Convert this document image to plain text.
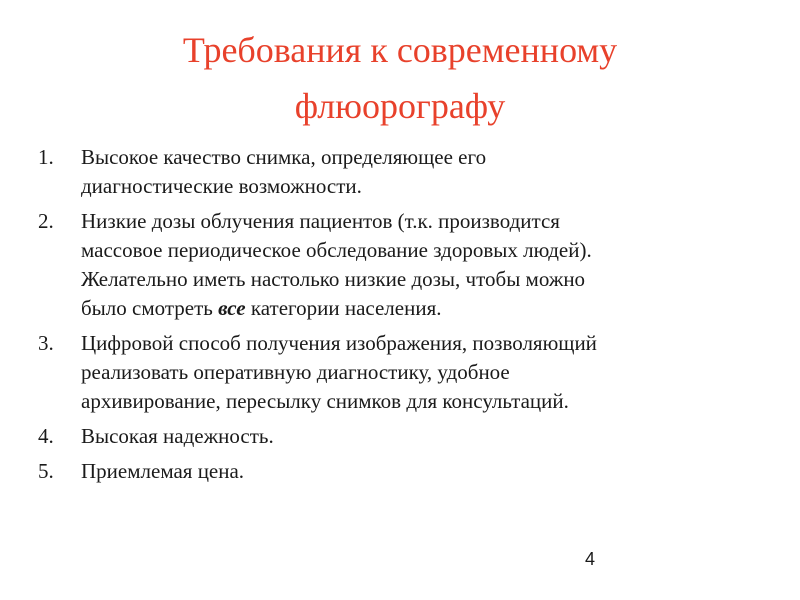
Требования к современному
флюорографу
1. Высокое качество снимка, определяющее его
диагностические возможности.
2. Низкие дозы облучения пациентов (т.к. производится
массовое периодическое обследование здоровых людей).
Желательно иметь настолько низкие дозы, чтобы можно
было смотреть все категории населения.
3. Цифровой способ получения изображения, позволяющий
реализовать оперативную диагностику, удобное
архивирование, пересылку снимков для консультаций.
4. Высокая надежность.
5. Приемлемая цена.
4
